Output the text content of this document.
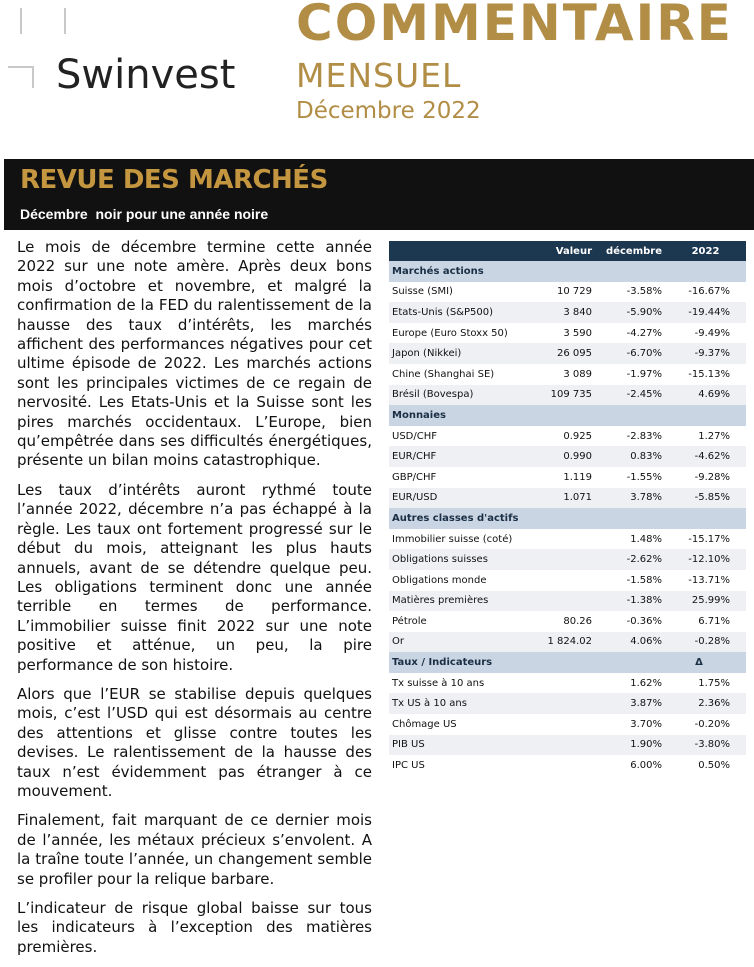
Swinvest
COMMENTAIRE
MENSUEL
Décembre 2022
REVUE DES MARCHÉS
Décembre  noir pour une année noire

Le mois de décembre termine cette année 2022 sur une note amère. Après deux bons mois d’octobre et novembre, et malgré la confirmation de la FED du ralentissement de la hausse des taux d’intérêts, les marchés affichent des performances négatives pour cet ultime épisode de 2022. Les marchés actions sont les principales victimes de ce regain de nervosité. Les Etats-Unis et la Suisse sont les pires marchés occidentaux. L’Europe, bien qu’empêtrée dans ses difficultés énergétiques, présente un bilan moins catastrophique.

Les taux d’intérêts auront rythmé toute l’année 2022, décembre n’a pas échappé à la règle. Les taux ont fortement progressé sur le début du mois, atteignant les plus hauts annuels, avant de se détendre quelque peu. Les obligations terminent donc une année terrible en termes de performance. L’immobilier suisse finit 2022 sur une note positive et atténue, un peu, la pire performance de son histoire.

Alors que l’EUR se stabilise depuis quelques mois, c’est l’USD qui est désormais au centre des attentions et glisse contre toutes les devises. Le ralentissement de la hausse des taux n’est évidemment pas étranger à ce mouvement.

Finalement, fait marquant de ce dernier mois de l’année, les métaux précieux s’envolent. A la traîne toute l’année, un changement semble se profiler pour la relique barbare.

L’indicateur de risque global baisse sur tous les indicateurs à l’exception des matières premières.

	Valeur	décembre	2022
Marchés actions			
Suisse (SMI)	10 729	-3.58%	-16.67%
Etats-Unis (S&P500)	3 840	-5.90%	-19.44%
Europe (Euro Stoxx 50)	3 590	-4.27%	-9.49%
Japon (Nikkei)	26 095	-6.70%	-9.37%
Chine (Shanghai SE)	3 089	-1.97%	-15.13%
Brésil (Bovespa)	109 735	-2.45%	4.69%
Monnaies			
USD/CHF	0.925	-2.83%	1.27%
EUR/CHF	0.990	0.83%	-4.62%
GBP/CHF	1.119	-1.55%	-9.28%
EUR/USD	1.071	3.78%	-5.85%
Autres classes d'actifs			
Immobilier suisse (coté)		1.48%	-15.17%
Obligations suisses		-2.62%	-12.10%
Obligations monde		-1.58%	-13.71%
Matières premières		-1.38%	25.99%
Pétrole	80.26	-0.36%	6.71%
Or	1 824.02	4.06%	-0.28%
Taux / Indicateurs			Δ
Tx suisse à 10 ans		1.62%	1.75%
Tx US à 10 ans		3.87%	2.36%
Chômage US		3.70%	-0.20%
PIB US		1.90%	-3.80%
IPC US		6.00%	0.50%
